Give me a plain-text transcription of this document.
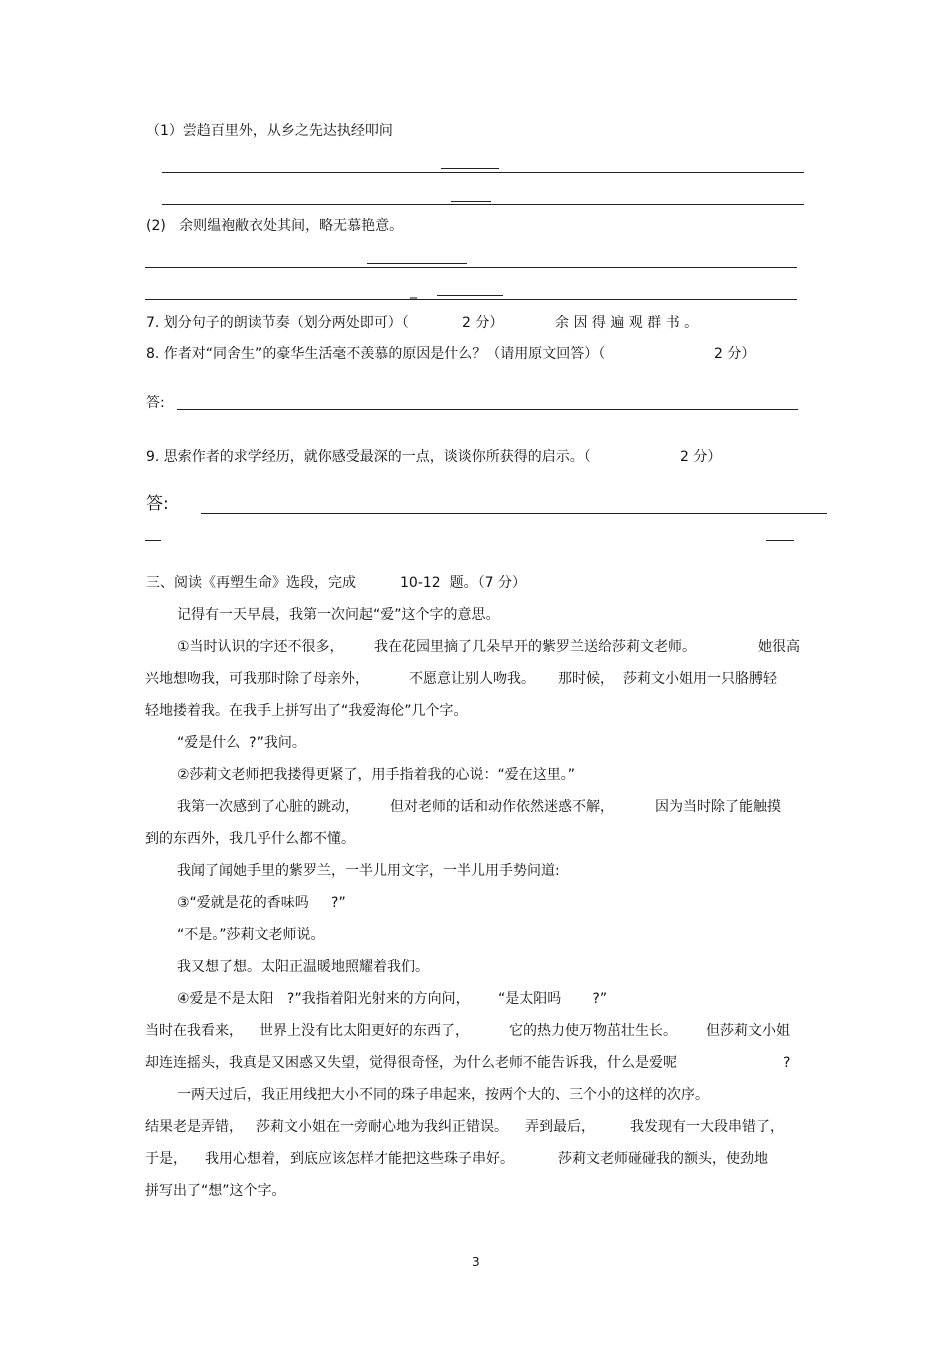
（1）尝趋百里外，从乡之先达执经叩问
(2)   余则缊袍敝衣处其间，略无慕艳意。
_
7. 划分句子的朗读节奏（划分两处即可）（	2 分）	余 因 得 遍 观 群 书 。
8. 作者对“同舍生”的豪华生活毫不羡慕的原因是什么？（请用原文回答）（	2 分）
答:
9. 思索作者的求学经历，就你感受最深的一点，谈谈你所获得的启示。（	2 分）
答:
三、阅读《再塑生命》选段，完成	10-12  题。（7 分）
记得有一天早晨，我第一次问起“爱”这个字的意思。
①当时认识的字还不很多， 我在花园里摘了几朵早开的紫罗兰送给莎莉文老师。	她很高
兴地想吻我，可我那时除了母亲外，	不愿意让别人吻我。 那时候， 莎莉文小姐用一只胳膊轻
轻地搂着我。在我手上拼写出了“我爱海伦”几个字。
“爱是什么  ?”我问。
②莎莉文老师把我搂得更紧了，用手指着我的心说：“爱在这里。”
我第一次感到了心脏的跳动， 但对老师的话和动作依然迷惑不解，	因为当时除了能触摸
到的东西外，我几乎什么都不懂。
我闻了闻她手里的紫罗兰，一半儿用文字，一半儿用手势问道:
③“爱就是花的香味吗     ?”
“不是。”莎莉文老师说。
我又想了想。太阳正温暖地照耀着我们。
④爱是不是太阳   ?”我指着阳光射来的方向问， “是太阳吗       ?”
当时在我看来， 世界上没有比太阳更好的东西了，	它的热力使万物茁壮生长。 但莎莉文小姐
却连连摇头，我真是又困惑又失望，觉得很奇怪，为什么老师不能告诉我，什么是爱呢	?
一两天过后，我正用线把大小不同的珠子串起来，按两个大的、三个小的这样的次序。
结果老是弄错， 莎莉文小姐在一旁耐心地为我纠正错误。 弄到最后，	我发现有一大段串错了，
于是， 我用心想着， 到底应该怎样才能把这些珠子串好。	莎莉文老师碰碰我的额头，使劲地
拼写出了“想”这个字。
3
